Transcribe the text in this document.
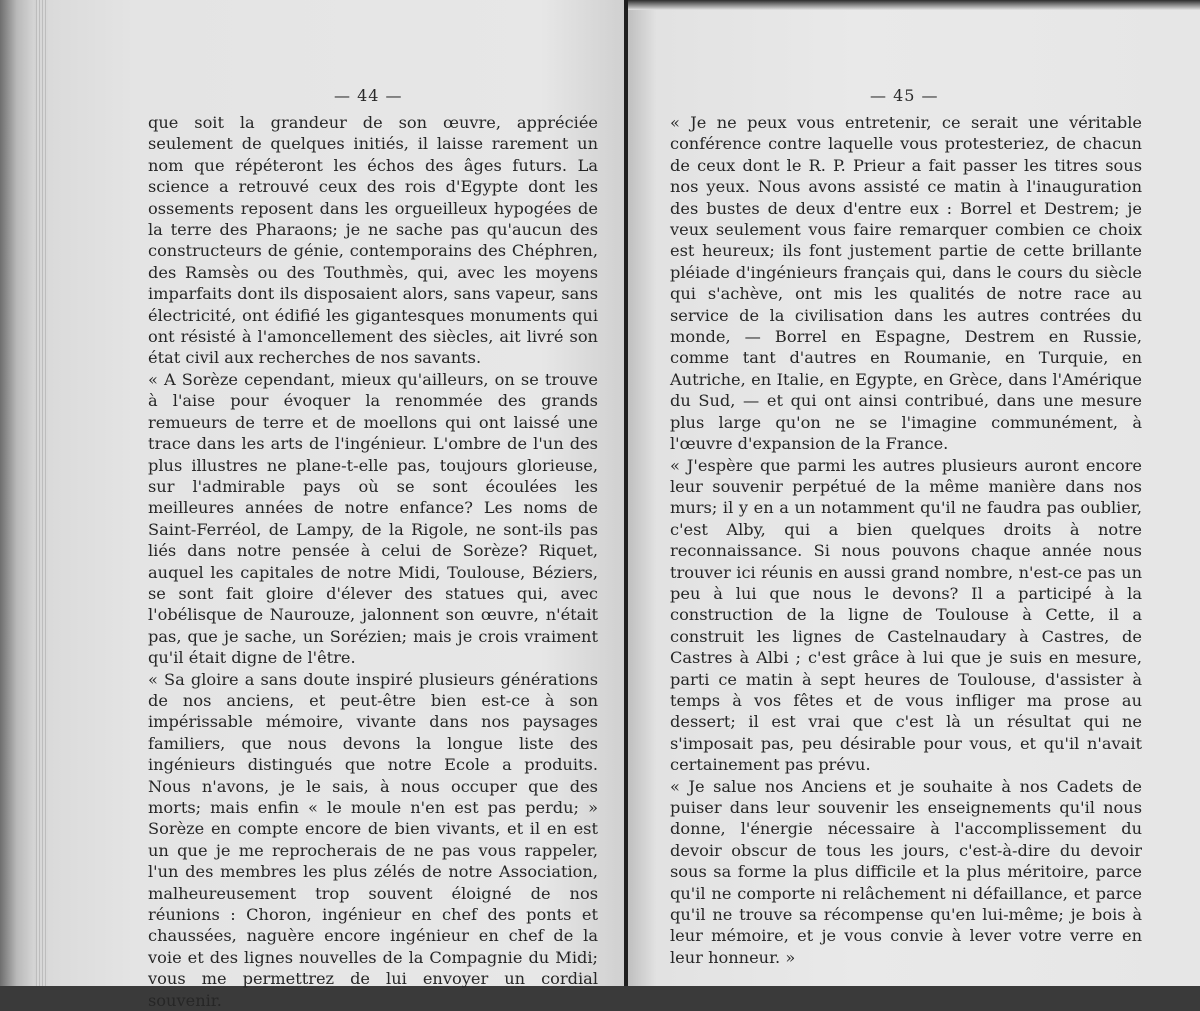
— 44 —

que soit la grandeur de son œuvre, appréciée seulement de quelques initiés, il laisse rarement un nom que répéteront les échos des âges futurs. La science a retrouvé ceux des rois d'Egypte dont les ossements reposent dans les orgueilleux hypogées de la terre des Pharaons; je ne sache pas qu'aucun des constructeurs de génie, contemporains des Chéphren, des Ramsès ou des Touthmès, qui, avec les moyens imparfaits dont ils disposaient alors, sans vapeur, sans électricité, ont édifié les gigantesques monuments qui ont résisté à l'amoncellement des siècles, ait livré son état civil aux recherches de nos savants.

« A Sorèze cependant, mieux qu'ailleurs, on se trouve à l'aise pour évoquer la renommée des grands remueurs de terre et de moellons qui ont laissé une trace dans les arts de l'ingénieur. L'ombre de l'un des plus illustres ne plane-t-elle pas, toujours glorieuse, sur l'admirable pays où se sont écoulées les meilleures années de notre enfance? Les noms de Saint-Ferréol, de Lampy, de la Rigole, ne sont-ils pas liés dans notre pensée à celui de Sorèze? Riquet, auquel les capitales de notre Midi, Toulouse, Béziers, se sont fait gloire d'élever des statues qui, avec l'obélisque de Naurouze, jalonnent son œuvre, n'était pas, que je sache, un Sorézien; mais je crois vraiment qu'il était digne de l'être.

« Sa gloire a sans doute inspiré plusieurs générations de nos anciens, et peut-être bien est-ce à son impérissable mémoire, vivante dans nos paysages familiers, que nous devons la longue liste des ingénieurs distingués que notre Ecole a produits. Nous n'avons, je le sais, à nous occuper que des morts; mais enfin « le moule n'en est pas perdu; » Sorèze en compte encore de bien vivants, et il en est un que je me reprocherais de ne pas vous rappeler, l'un des membres les plus zélés de notre Association, malheureusement trop souvent éloigné de nos réunions : Choron, ingénieur en chef des ponts et chaussées, naguère encore ingénieur en chef de la voie et des lignes nouvelles de la Compagnie du Midi; vous me permettrez de lui envoyer un cordial souvenir.

— 45 —

« Je ne peux vous entretenir, ce serait une véritable conférence contre laquelle vous protesteriez, de chacun de ceux dont le R. P. Prieur a fait passer les titres sous nos yeux. Nous avons assisté ce matin à l'inauguration des bustes de deux d'entre eux : Borrel et Destrem; je veux seulement vous faire remarquer combien ce choix est heureux; ils font justement partie de cette brillante pléiade d'ingénieurs français qui, dans le cours du siècle qui s'achève, ont mis les qualités de notre race au service de la civilisation dans les autres contrées du monde, — Borrel en Espagne, Destrem en Russie, comme tant d'autres en Roumanie, en Turquie, en Autriche, en Italie, en Egypte, en Grèce, dans l'Amérique du Sud, — et qui ont ainsi contribué, dans une mesure plus large qu'on ne se l'imagine communément, à l'œuvre d'expansion de la France.

« J'espère que parmi les autres plusieurs auront encore leur souvenir perpétué de la même manière dans nos murs; il y en a un notamment qu'il ne faudra pas oublier, c'est Alby, qui a bien quelques droits à notre reconnaissance. Si nous pouvons chaque année nous trouver ici réunis en aussi grand nombre, n'est-ce pas un peu à lui que nous le devons? Il a participé à la construction de la ligne de Toulouse à Cette, il a construit les lignes de Castelnaudary à Castres, de Castres à Albi ; c'est grâce à lui que je suis en mesure, parti ce matin à sept heures de Toulouse, d'assister à temps à vos fêtes et de vous infliger ma prose au dessert; il est vrai que c'est là un résultat qui ne s'imposait pas, peu désirable pour vous, et qu'il n'avait certainement pas prévu.

« Je salue nos Anciens et je souhaite à nos Cadets de puiser dans leur souvenir les enseignements qu'il nous donne, l'énergie nécessaire à l'accomplissement du devoir obscur de tous les jours, c'est-à-dire du devoir sous sa forme la plus difficile et la plus méritoire, parce qu'il ne comporte ni relâchement ni défaillance, et parce qu'il ne trouve sa récompense qu'en lui-même; je bois à leur mémoire, et je vous convie à lever votre verre en leur honneur. »
